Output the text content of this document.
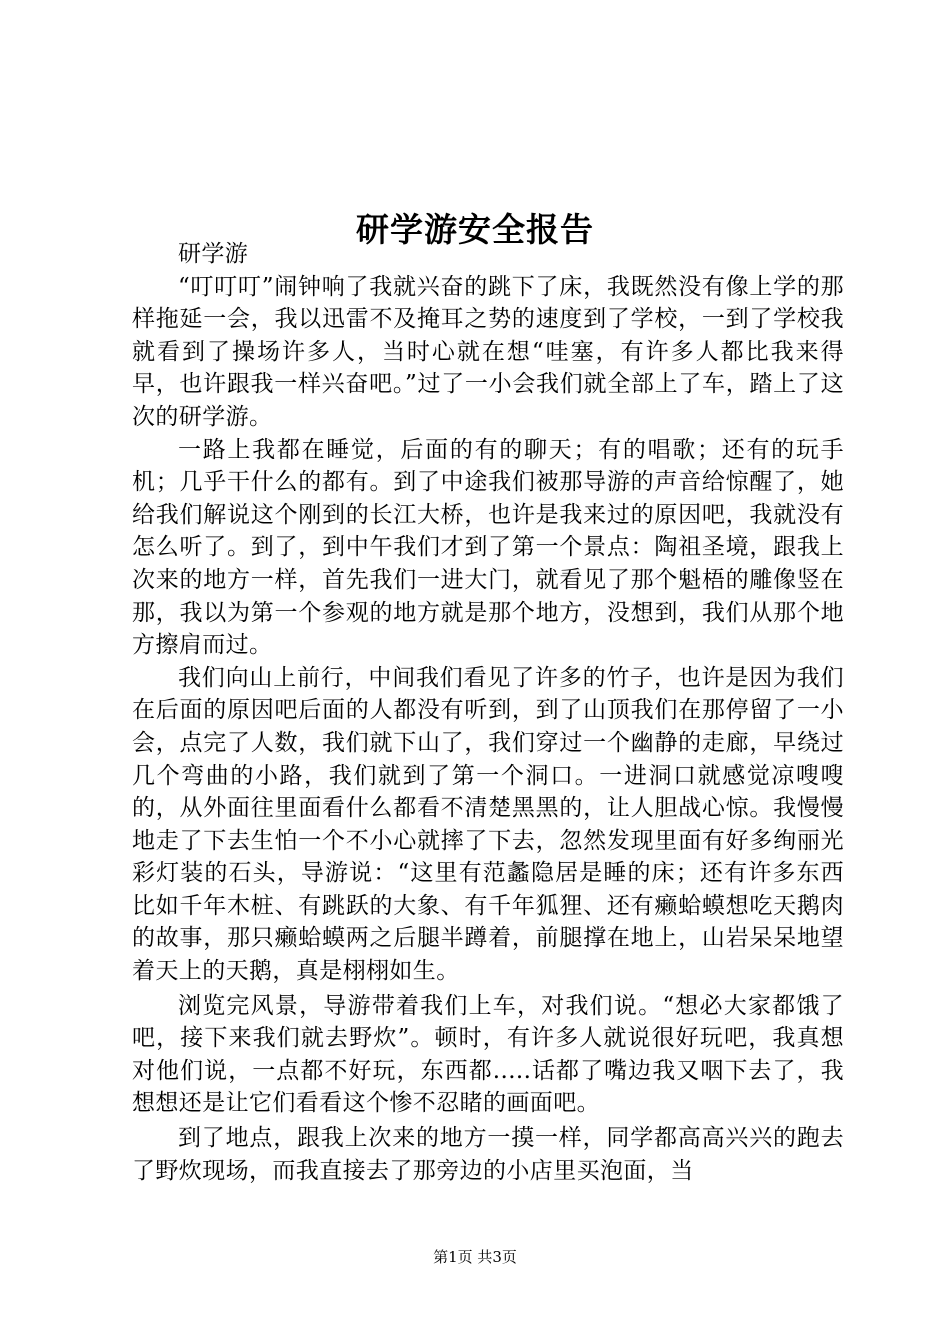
研学游安全报告

研学游

“叮叮叮”闹钟响了我就兴奋的跳下了床，我既然没有像上学的那样拖延一会，我以迅雷不及掩耳之势的速度到了学校，一到了学校我就看到了操场许多人，当时心就在想“哇塞，有许多人都比我来得早，也许跟我一样兴奋吧。”过了一小会我们就全部上了车，踏上了这次的研学游。

一路上我都在睡觉，后面的有的聊天；有的唱歌；还有的玩手机；几乎干什么的都有。到了中途我们被那导游的声音给惊醒了，她给我们解说这个刚到的长江大桥，也许是我来过的原因吧，我就没有怎么听了。到了，到中午我们才到了第一个景点：陶祖圣境，跟我上次来的地方一样，首先我们一进大门，就看见了那个魁梧的雕像竖在那，我以为第一个参观的地方就是那个地方，没想到，我们从那个地方擦肩而过。

我们向山上前行，中间我们看见了许多的竹子，也许是因为我们在后面的原因吧后面的人都没有听到，到了山顶我们在那停留了一小会，点完了人数，我们就下山了，我们穿过一个幽静的走廊，早绕过几个弯曲的小路，我们就到了第一个洞口。一进洞口就感觉凉嗖嗖的，从外面往里面看什么都看不清楚黑黑的，让人胆战心惊。我慢慢地走了下去生怕一个不小心就摔了下去，忽然发现里面有好多绚丽光彩灯装的石头，导游说：“这里有范蠡隐居是睡的床；还有许多东西比如千年木桩、有跳跃的大象、有千年狐狸、还有癞蛤蟆想吃天鹅肉的故事，那只癞蛤蟆两之后腿半蹲着，前腿撑在地上，山岩呆呆地望着天上的天鹅，真是栩栩如生。

浏览完风景，导游带着我们上车，对我们说。“想必大家都饿了吧，接下来我们就去野炊”。顿时，有许多人就说很好玩吧，我真想对他们说，一点都不好玩，东西都.....话都了嘴边我又咽下去了，我想想还是让它们看看这个惨不忍睹的画面吧。

到了地点，跟我上次来的地方一摸一样，同学都高高兴兴的跑去了野炊现场，而我直接去了那旁边的小店里买泡面，当

第1页 共3页
